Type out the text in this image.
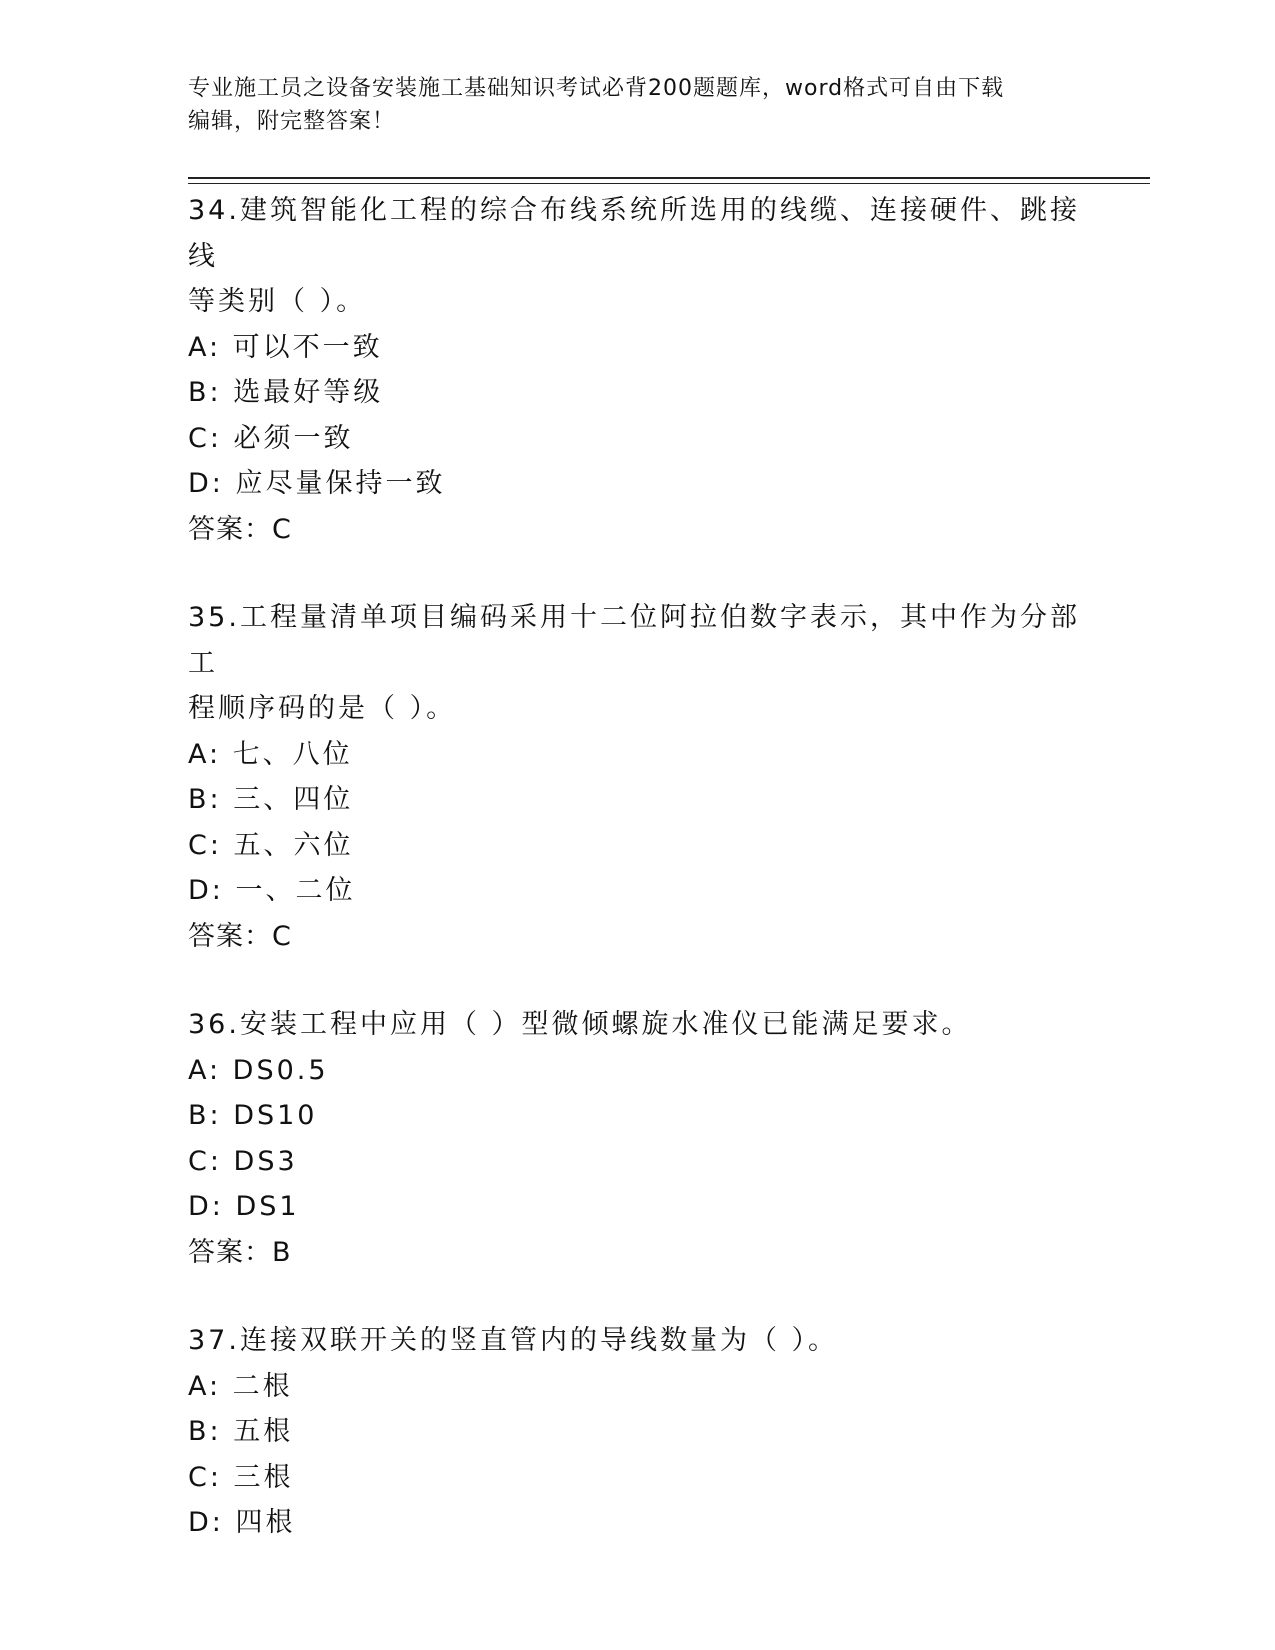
专业施工员之设备安装施工基础知识考试必背200题题库，word格式可自由下载
编辑，附完整答案！
34.建筑智能化工程的综合布线系统所选用的线缆、连接硬件、跳接线
等类别（ ）。
A: 可以不一致
B: 选最好等级
C: 必须一致
D: 应尽量保持一致
答案：C
35.工程量清单项目编码采用十二位阿拉伯数字表示，其中作为分部工
程顺序码的是（ ）。
A: 七、八位
B: 三、四位
C: 五、六位
D: 一、二位
答案：C
36.安装工程中应用（ ）型微倾螺旋水准仪已能满足要求。
A: DS0.5
B: DS10
C: DS3
D: DS1
答案：B
37.连接双联开关的竖直管内的导线数量为（ ）。
A: 二根
B: 五根
C: 三根
D: 四根
